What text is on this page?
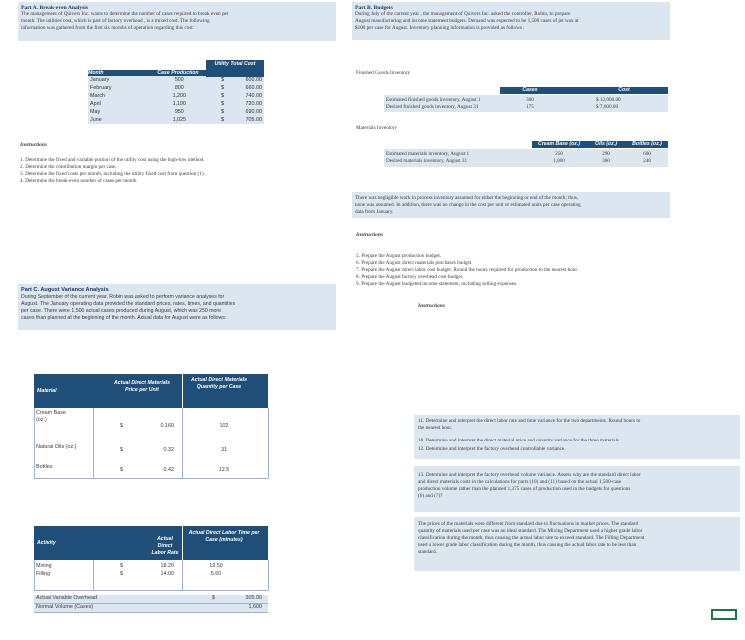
Part A. Break-even Analysis

The management of Quivers Inc. wants to determine the number of cases required to break even per

month. The utilities cost, which is part of factory overhead , is a mixed cost. The following

information was gathered from the first six months of operation regarding this cost:

Month	Case Production
Utility Total Cost
January	500	$	600.00
February	800	$	660.00
March	1,200	$	740.00
April	1,100	$	720.00
May	950	$	690.00
June	1,025	$	705.00

Instructions

1. Determine the fixed and variable portion of the utility cost using the high-low method.

2. Determine the contribution margin per case.

3. Determine the fixed costs per month, including the utility fixed cost from question (1).

4. Determine the break-even number of cases per month

Part C. August Variance Analysis

During September of the current year, Robin was asked to perform variance analyses for

August. The January operating data provided the standard prices, rates, times, and quantities

per case. There were 1,500 actual cases produced during August, which was 250 more

cases than planned at the beginning of the month. Actual data for August were as follows:

Material
Actual Direct Materials Price per Unit
Actual Direct Materials Quantity per Case
Cream Base
(oz.)
$	0.160	102
Natural Oils (oz.)	$	0.32	31
Bottles	$	0.42	12.5
Activity
Actual Direct Labor Rate
Actual Direct Labor Time per Case (minutes)
Mixing	$	18.20	19.50
Filling	$	14.00	5.60
Actual Variable Overhead	$	305.00
Normal Volume (Cases)	1,600

Part B. Budgets

During July of the current year , the management of Quivers Inc. asked the controller, Robin, to prepare

August manufacturing and income statement budgets. Demand was expected to be 1,500 cases of jet wax at

$100 per case for August. Inventory planning information is provided as follows :

Finished Goods Inventory

Cases	Cost
Estimated finished goods inventory, August 1	300	$ 12,000.00
Desired finished goods inventory, August 31	175	$ 7,000.00

Materials Inventory

Cream Base (oz.)	Oils (oz.)	Bottles (oz.)
Estimated materials inventory, August 1	250	290	600
Desired materials inventory, August 31	1,000	360	240

There was negligible work in process inventory assumed for either the beginning or end of the month; thus,

none was assumed. In addition, there was no change in the cost per unit or estimated units per case operating

data from January.

Instructions

5. Prepare the August production budget.

6. Prepare the August direct materials purchases budget.

7. Prepare the August direct labor cost budget. Round the hours required for production to the nearest hour.

8. Prepare the August factory overhead cost budget.

9. Prepare the August budgeted income statement, including selling expenses.

Instructions

11. Determine and interpret the direct labor rate and time variance for the two departments. Round hours to

the nearest hour.

12. Determine and interpret the factory overhead controllable variance.

13. Determine and interpret the factory overhead volume variance. Assess why are the standard direct labor

and direct materials costs in the calculations for parts (10) and (11) based on the actual 1,500-case

production volume rather than the planned 1,375 cases of production used in the budgets for questions

(6) and (7)?

The prices of the materials were different from standard due to fluctuations in market prices. The standard

quantity of materials used per case was an ideal standard. The Mixing Department used a higher grade labor

classification during the month, thus causing the actual labor rate to exceed standard. The Filling Department

used a lower grade labor classification during the month, thus causing the actual labor rate to be less than

standard.
